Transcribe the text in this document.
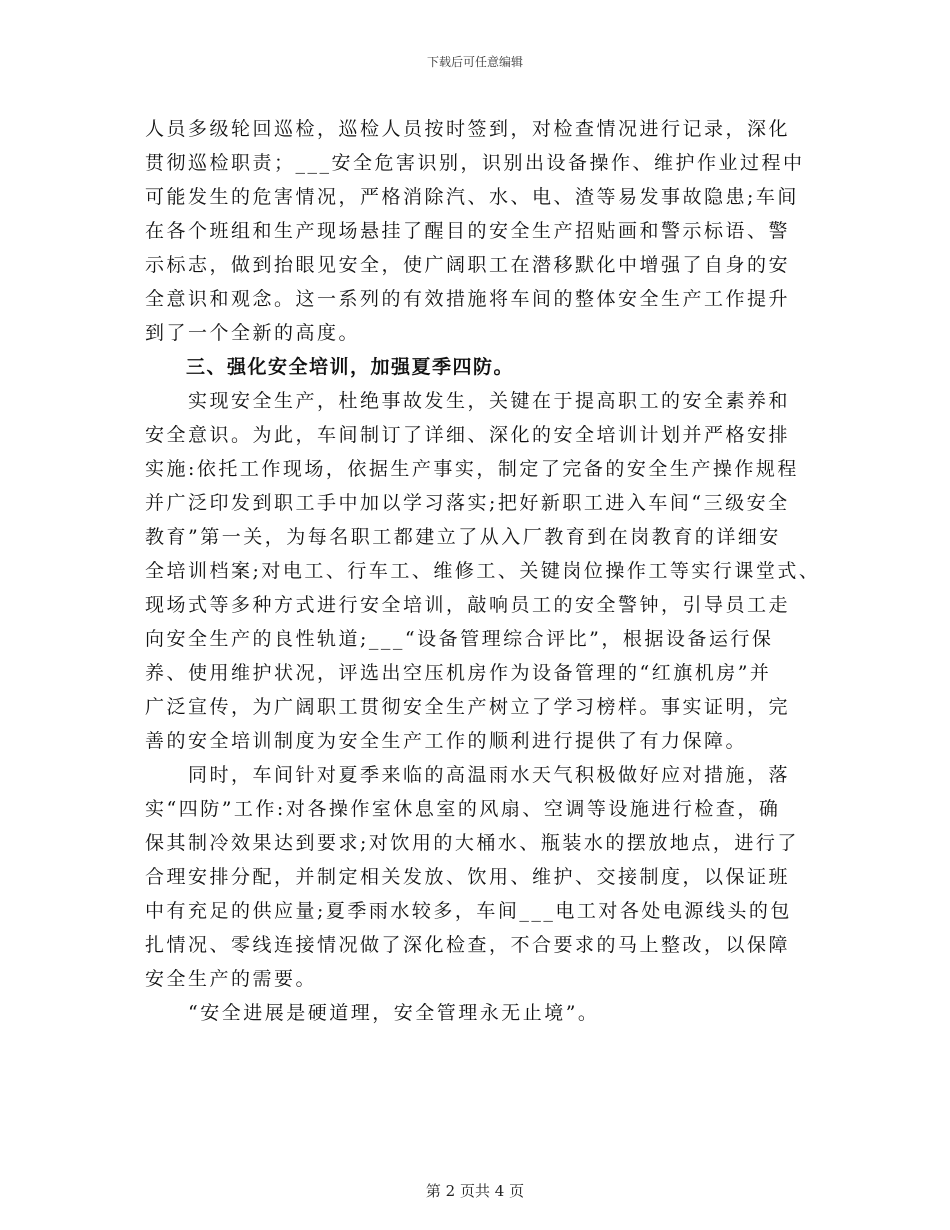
下载后可任意编辑
人员多级轮回巡检，巡检人员按时签到，对检查情况进行记录，深化
贯彻巡检职责；___安全危害识别，识别出设备操作、维护作业过程中
可能发生的危害情况，严格消除汽、水、电、渣等易发事故隐患;车间
在各个班组和生产现场悬挂了醒目的安全生产招贴画和警示标语、警
示标志，做到抬眼见安全，使广阔职工在潜移默化中增强了自身的安
全意识和观念。这一系列的有效措施将车间的整体安全生产工作提升
到了一个全新的高度。
　　三、强化安全培训，加强夏季四防。
　　实现安全生产，杜绝事故发生，关键在于提高职工的安全素养和
安全意识。为此，车间制订了详细、深化的安全培训计划并严格安排
实施:依托工作现场，依据生产事实，制定了完备的安全生产操作规程
并广泛印发到职工手中加以学习落实;把好新职工进入车间“三级安全
教育”第一关，为每名职工都建立了从入厂教育到在岗教育的详细安
全培训档案;对电工、行车工、维修工、关键岗位操作工等实行课堂式、
现场式等多种方式进行安全培训，敲响员工的安全警钟，引导员工走
向安全生产的良性轨道;___“设备管理综合评比”，根据设备运行保
养、使用维护状况，评选出空压机房作为设备管理的“红旗机房”并
广泛宣传，为广阔职工贯彻安全生产树立了学习榜样。事实证明，完
善的安全培训制度为安全生产工作的顺利进行提供了有力保障。
　　同时，车间针对夏季来临的高温雨水天气积极做好应对措施，落
实“四防”工作:对各操作室休息室的风扇、空调等设施进行检查，确
保其制冷效果达到要求;对饮用的大桶水、瓶装水的摆放地点，进行了
合理安排分配，并制定相关发放、饮用、维护、交接制度，以保证班
中有充足的供应量;夏季雨水较多，车间___电工对各处电源线头的包
扎情况、零线连接情况做了深化检查，不合要求的马上整改，以保障
安全生产的需要。
　　“安全进展是硬道理，安全管理永无止境”。
第 2 页共 4 页
